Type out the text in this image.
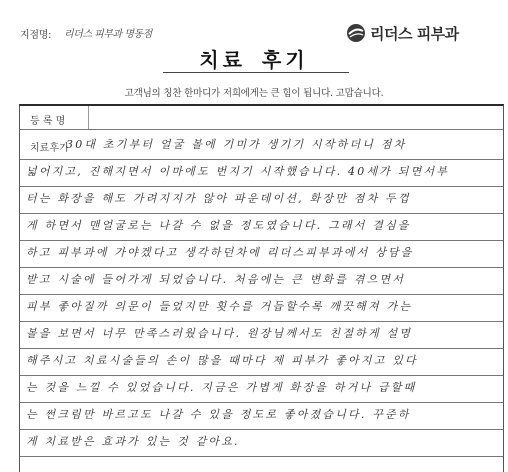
지점명: 리더스 피부과 명동점	리더스 피부과
치료 후기
고객님의 칭찬 한마디가 저희에게는 큰 힘이 됩니다. 고맙습니다.
등 록 명
치료후기
30대 초기부터 얼굴 볼에 기미가 생기기 시작하더니 점차
넓어지고, 진해지면서 이마에도 번지기 시작했습니다. 40세가 되면서부
터는 화장을 해도 가려지지가 않아 파운데이션, 화장만 점차 두껍
게 하면서 맨얼굴로는 나갈 수 없을 정도였습니다. 그래서 결심을
하고 피부과에 가야겠다고 생각하던차에 리더스피부과에서 상담을
받고 시술에 들어가게 되었습니다. 처음에는 큰 변화를 겪으면서
피부 좋아질까 의문이 들었지만 횟수를 거듭할수록 깨끗해져 가는
볼을 보면서 너무 만족스러웠습니다. 원장님께서도 친절하게 설명
해주시고 치료시술들의 손이 많을 때마다 제 피부가 좋아지고 있다
는 것을 느낄 수 있었습니다. 지금은 가볍게 화장을 하거나 급할때
는 썬크림만 바르고도 나갈 수 있을 정도로 좋아졌습니다. 꾸준하
게 치료받은 효과가 있는 것 같아요.
